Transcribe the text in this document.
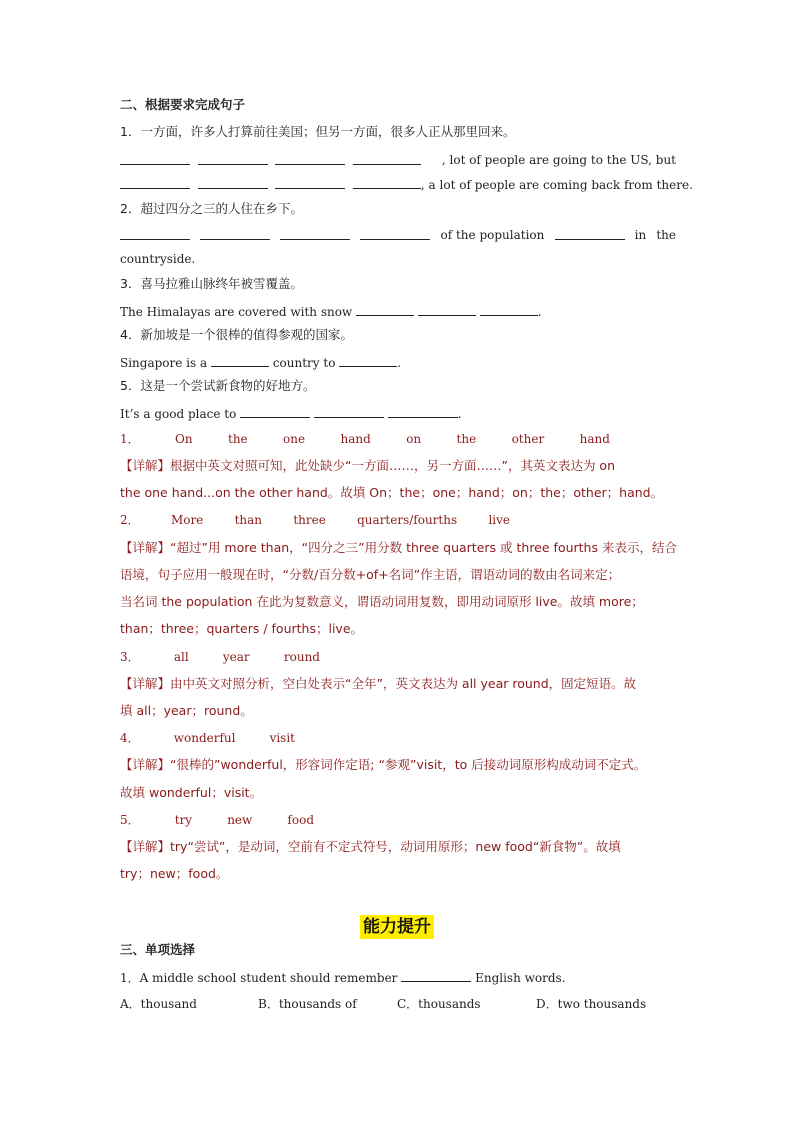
二、根据要求完成句子
1．一方面，许多人打算前往美国；但另一方面，很多人正从那里回来。

, lot of people are going to the US, but
, a lot of people are coming back from there.
2．超过四分之三的人住在乡下。
of the population	in the
countryside.
3．喜马拉雅山脉终年被雪覆盖。
The Himalayas are covered with snow	.
4．新加坡是一个很棒的值得参观的国家。
Singapore is a	country to	.
5．这是一个尝试新食物的好地方。
It’s a good place to	.
1．	On	the	one	hand	on	the	other	hand
【详解】根据中英文对照可知，此处缺少“一方面……，另一方面……”，其英文表达为 on
the one hand...on the other hand。故填 On；the；one；hand；on；the；other；hand。
2．	More	than	three	quarters/fourths	live
【详解】“超过”用 more than，“四分之三”用分数 three quarters 或 three fourths 来表示，结合
语境，句子应用一般现在时，“分数/百分数+of+名词”作主语，谓语动词的数由名词来定；
当名词 the population 在此为复数意义，谓语动词用复数，即用动词原形 live。故填 more；
than；three；quarters / fourths；live。
3．	all	year	round
【详解】由中英文对照分析，空白处表示“全年”，英文表达为 all year round，固定短语。故
填 all；year；round。
4．	wonderful	visit
【详解】“很棒的”wonderful，形容词作定语; “参观”visit，to 后接动词原形构成动词不定式。
故填 wonderful；visit。
5．	try	new	food
【详解】try“尝试”，是动词，空前有不定式符号，动词用原形；new food“新食物”。故填
try；new；food。
能力提升
三、单项选择
1．A middle school student should remember	English words.
A．thousand	B．thousands of	C．thousands	D．two thousands
